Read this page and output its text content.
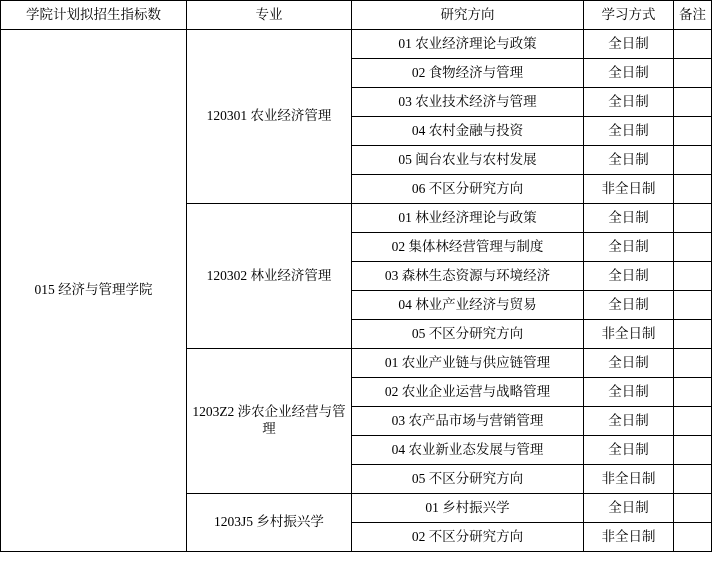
学院计划拟招生指标数	专业	研究方向	学习方式	备注
015 经济与管理学院	120301 农业经济管理	01 农业经济理论与政策	全日制	
		02 食物经济与管理	全日制	
		03 农业技术经济与管理	全日制	
		04 农村金融与投资	全日制	
		05 闽台农业与农村发展	全日制	
		06 不区分研究方向	非全日制	
	120302 林业经济管理	01 林业经济理论与政策	全日制	
		02 集体林经营管理与制度	全日制	
		03 森林生态资源与环境经济	全日制	
		04 林业产业经济与贸易	全日制	
		05 不区分研究方向	非全日制	
	1203Z2 涉农企业经营与管理	01 农业产业链与供应链管理	全日制	
		02 农业企业运营与战略管理	全日制	
		03 农产品市场与营销管理	全日制	
		04 农业新业态发展与管理	全日制	
		05 不区分研究方向	非全日制	
	1203J5 乡村振兴学	01 乡村振兴学	全日制	
		02 不区分研究方向	非全日制	
